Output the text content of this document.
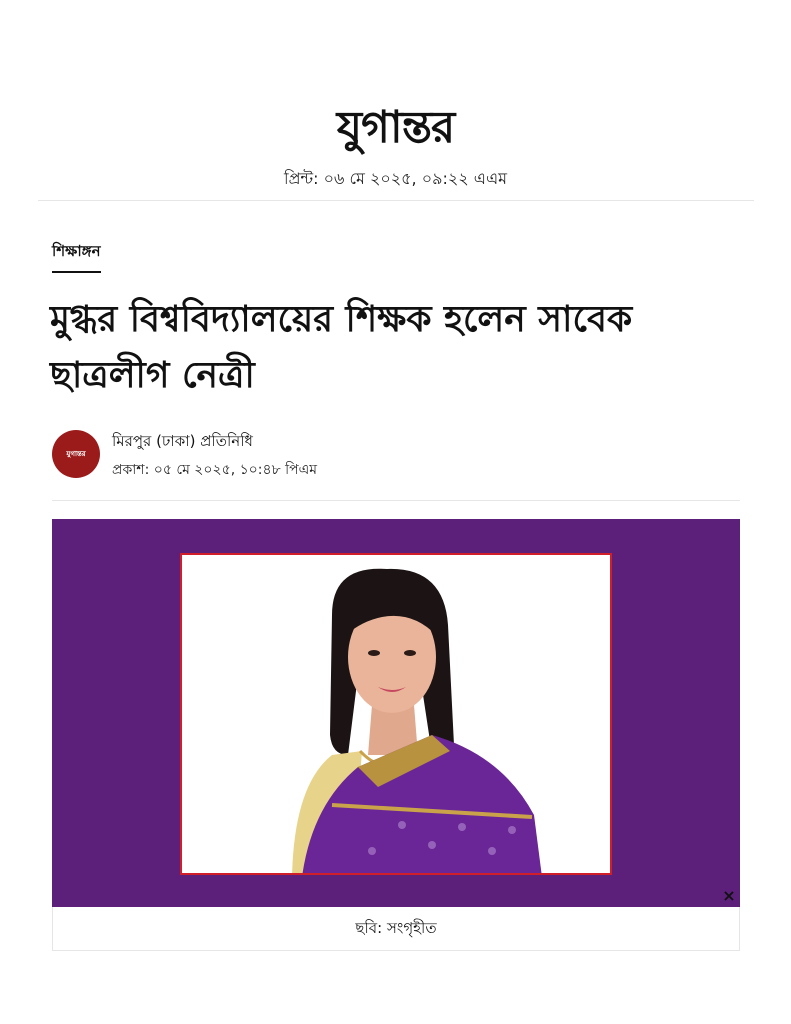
যুগান্তর
প্রিন্ট: ০৬ মে ২০২৫, ০৯:২২ এএম
শিক্ষাঙ্গন
মুগ্ধর বিশ্ববিদ্যালয়ের শিক্ষক হলেন সাবেক
ছাত্রলীগ নেত্রী
যুগান্তর
মিরপুর (ঢাকা) প্রতিনিধি
প্রকাশ: ০৫ মে ২০২৫, ১০:৪৮ পিএম
×
ছবি: সংগৃহীত
